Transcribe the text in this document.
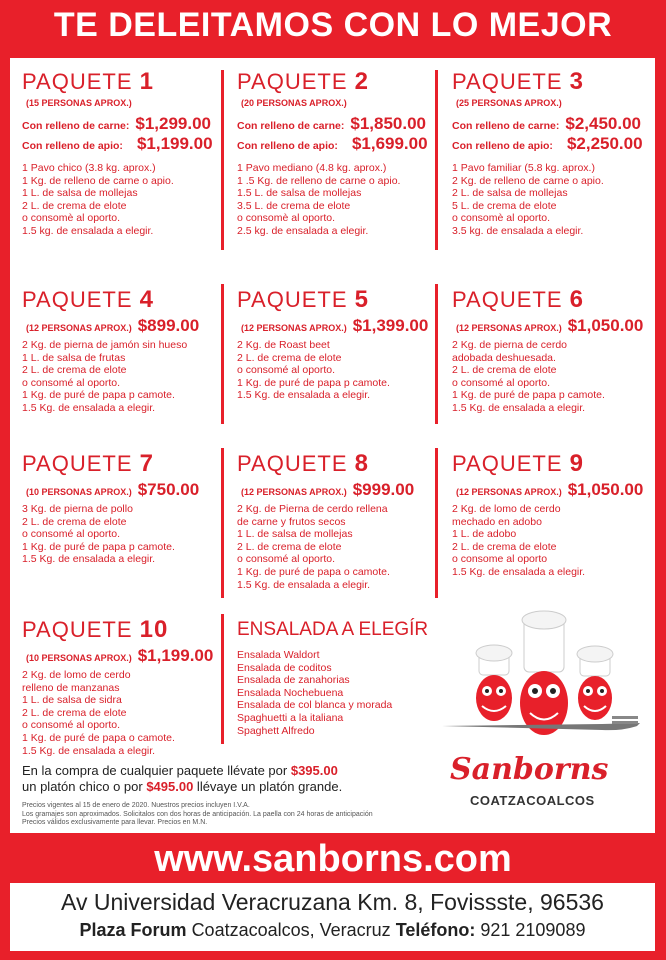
TE DELEITAMOS CON LO MEJOR
PAQUETE 1
(15 PERSONAS APROX.)
Con relleno de carne: $1,299.00
Con relleno de apio: $1,199.00
1 Pavo chico (3.8 kg. aprox.)
1 Kg. de relleno de carne o apio.
1 L. de salsa de mollejas
2 L. de crema de elote
o consomè al oporto.
1.5 kg. de ensalada a elegir.
PAQUETE 2
(20 PERSONAS APROX.)
Con relleno de carne: $1,850.00
Con relleno de apio: $1,699.00
1 Pavo mediano (4.8 kg. aprox.)
1 .5 Kg. de relleno de carne o apio.
1.5 L. de salsa de mollejas
3.5 L. de crema de elote
o consomè al oporto.
2.5 kg. de ensalada a elegir.
PAQUETE 3
(25 PERSONAS APROX.)
Con relleno de carne: $2,450.00
Con relleno de apio: $2,250.00
1 Pavo familiar (5.8 kg. aprox.)
2 Kg. de relleno de carne o apio.
2 L. de salsa de mollejas
5 L. de crema de elote
o consomè al oporto.
3.5 kg. de ensalada a elegir.
PAQUETE 4
(12 PERSONAS APROX.) $899.00
2 Kg. de pierna de jamón sin hueso
1 L. de salsa de frutas
2 L. de crema de elote
o consomé al oporto.
1 Kg. de puré de papa p camote.
1.5 Kg. de ensalada a elegir.
PAQUETE 5
(12 PERSONAS APROX.) $1,399.00
2 Kg. de Roast beet
2 L. de crema de elote
o consomé al oporto.
1 Kg. de puré de papa p camote.
1.5 Kg. de ensalada a elegir.
PAQUETE 6
(12 PERSONAS APROX.) $1,050.00
2 Kg. de pierna de cerdo
adobada deshuesada.
2 L. de crema de elote
o consomé al oporto.
1 Kg. de puré de papa p camote.
1.5 Kg. de ensalada a elegir.
PAQUETE 7
(10 PERSONAS APROX.) $750.00
3 Kg. de pierna de pollo
2 L. de crema de elote
o consomé al oporto.
1 Kg. de puré de papa p camote.
1.5 Kg. de ensalada a elegir.
PAQUETE 8
(12 PERSONAS APROX.) $999.00
2 Kg. de Pierna de cerdo rellena
de carne y frutos secos
1 L. de salsa de mollejas
2 L. de crema de elote
o consomé al oporto.
1 Kg. de puré de papa o camote.
1.5 Kg. de ensalada a elegir.
PAQUETE 9
(12 PERSONAS APROX.) $1,050.00
2 Kg. de lomo de cerdo
mechado en adobo
1 L. de adobo
2 L. de crema de elote
o consome al oporto
1.5 Kg. de ensalada a elegir.
PAQUETE 10
(10 PERSONAS APROX.) $1,199.00
2 Kg. de lomo de cerdo
relleno de manzanas
1 L. de salsa de sidra
2 L. de crema de elote
o consomé al oporto.
1 Kg. de puré de papa o camote.
1.5 Kg. de ensalada a elegir.
ENSALADA A ELEGÍR
Ensalada Waldort
Ensalada de coditos
Ensalada de zanahorias
Ensalada Nochebuena
Ensalada de col blanca y morada
Spaghuetti a la italiana
Spaghett Alfredo
En la compra de cualquier paquete llévate por $395.00
un platón chico o por $495.00 llévaye un platón grande.
Precios vigentes al 15 de enero de 2020. Nuestros precios incluyen I.V.A.
Los gramajes son aproximados. Solicitalos con dos horas de anticipación. La paella con 24 horas de anticipación
Precios válidos exclusivamente para llevar. Precios en M.N.
Sanborns
COATZACOALCOS
www.sanborns.com
Av Universidad Veracruzana Km. 8, Fovissste, 96536
Plaza Forum Coatzacoalcos, Veracruz Teléfono: 921 2109089
